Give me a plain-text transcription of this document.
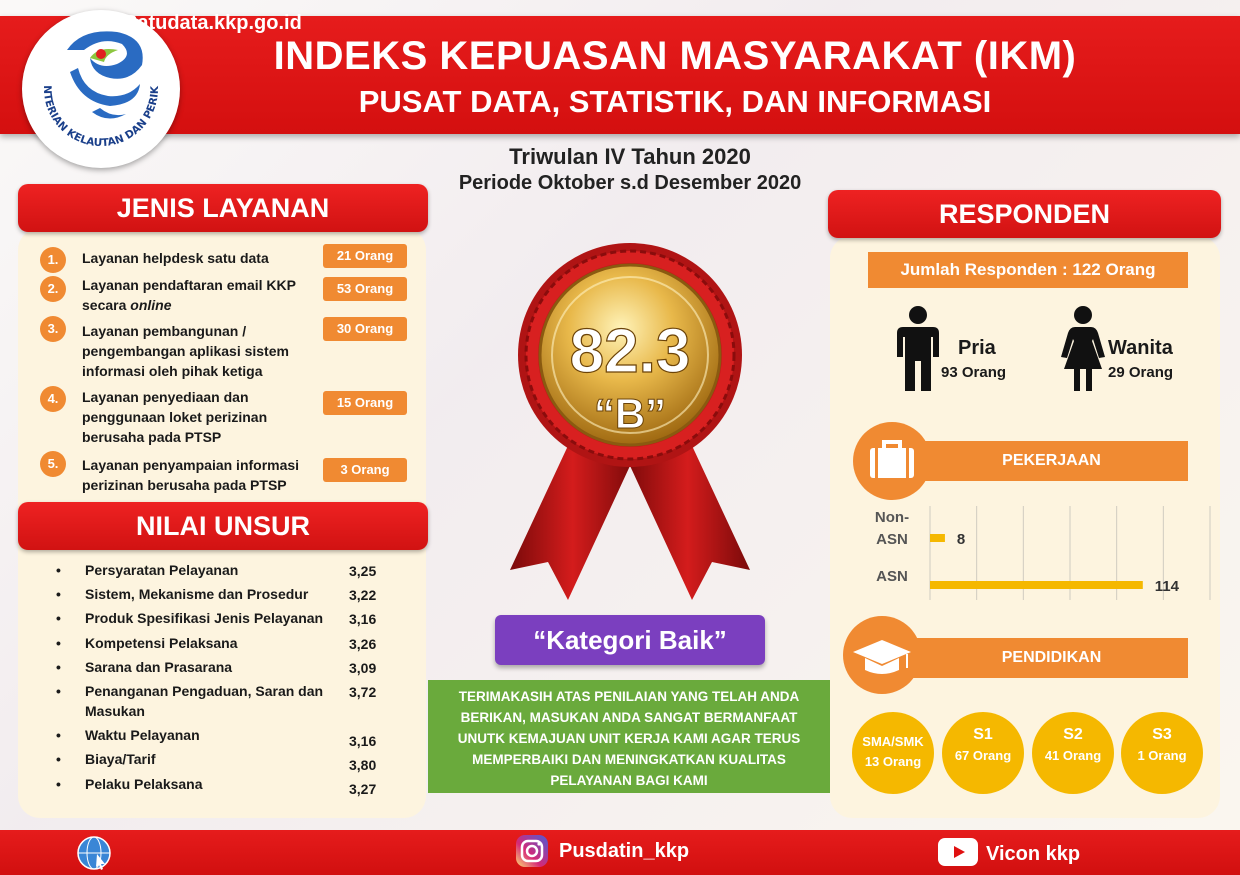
NTERIAN KELAUTAN DAN PERIK
INDEKS KEPUASAN MASYARAKAT (IKM)
PUSAT DATA, STATISTIK, DAN INFORMASI
Triwulan IV Tahun 2020
Periode Oktober s.d Desember 2020
JENIS LAYANAN
1.	Layanan helpdesk satu data	21 Orang
2.	Layanan pendaftaran email KKP
secara online
53 Orang
3.	Layanan pembangunan /
pengembangan aplikasi sistem
informasi oleh pihak ketiga
30 Orang
4.	Layanan penyediaan dan
penggunaan loket perizinan
berusaha pada PTSP
15 Orang
5.	Layanan penyampaian informasi
perizinan berusaha pada PTSP
3 Orang
NILAI UNSUR
• Persyaratan Pelayanan	3,25
• Sistem, Mekanisme dan Prosedur	3,22
• Produk Spesifikasi Jenis Pelayanan	3,16
• Kompetensi Pelaksana	3,26
• Sarana dan Prasarana	3,09
• Penanganan Pengaduan, Saran dan Masukan
3,72
• Waktu Pelayanan	3,16
• Biaya/Tarif	3,80
• Pelaku Pelaksana	3,27
82.3
“B”
“Kategori Baik”
TERIMAKASIH ATAS PENILAIAN YANG TELAH ANDA
BERIKAN, MASUKAN ANDA SANGAT BERMANFAAT
UNUTK KEMAJUAN UNIT KERJA KAMI AGAR TERUS
MEMPERBAIKI DAN MENINGKATKAN KUALITAS
PELAYANAN BAGI KAMI
RESPONDEN
Jumlah Responden : 122 Orang
Pria
93 Orang
Wanita
29 Orang
PEKERJAAN
Non-
ASN	8
ASN
114
PENDIDIKAN
SMA/SMK
13 Orang
S1
67 Orang
S2
41 Orang
S3
1 Orang
Satudata.kkp.go.id
Pusdatin_kkp	Vicon kkp
